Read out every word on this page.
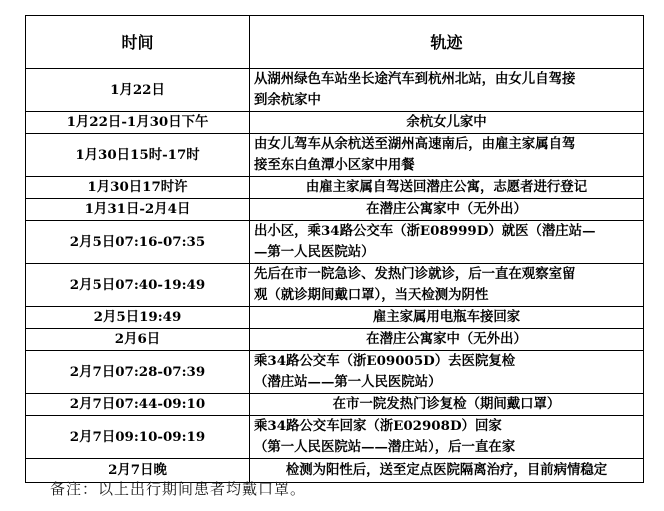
时间	轨迹
1月22日	从湖州绿色车站坐长途汽车到杭州北站，由女儿自驾接
到余杭家中

1月22日-1月30日下午	余杭女儿家中

1月30日15时-17时	由女儿驾车从余杭送至湖州高速南后，由雇主家属自驾
接至东白鱼潭小区家中用餐

1月30日17时许	由雇主家属自驾送回潜庄公寓，志愿者进行登记

1月31日-2月4日	在潜庄公寓家中（无外出）

2月5日07:16-07:35	出小区，乘34路公交车（浙E08999D）就医（潜庄站—
—第一人民医院站）

2月5日07:40-19:49	先后在市一院急诊、发热门诊就诊，后一直在观察室留
观（就诊期间戴口罩），当天检测为阴性

2月5日19:49	雇主家属用电瓶车接回家

2月6日	在潜庄公寓家中（无外出）

2月7日07:28-07:39	乘34路公交车（浙E09005D）去医院复检
（潜庄站——第一人民医院站）

2月7日07:44-09:10	在市一院发热门诊复检（期间戴口罩）

2月7日09:10-09:19	乘34路公交车回家（浙E02908D）回家
（第一人民医院站——潜庄站），后一直在家

2月7日晚	检测为阳性后，送至定点医院隔离治疗，目前病情稳定
备注：以上出行期间患者均戴口罩。
